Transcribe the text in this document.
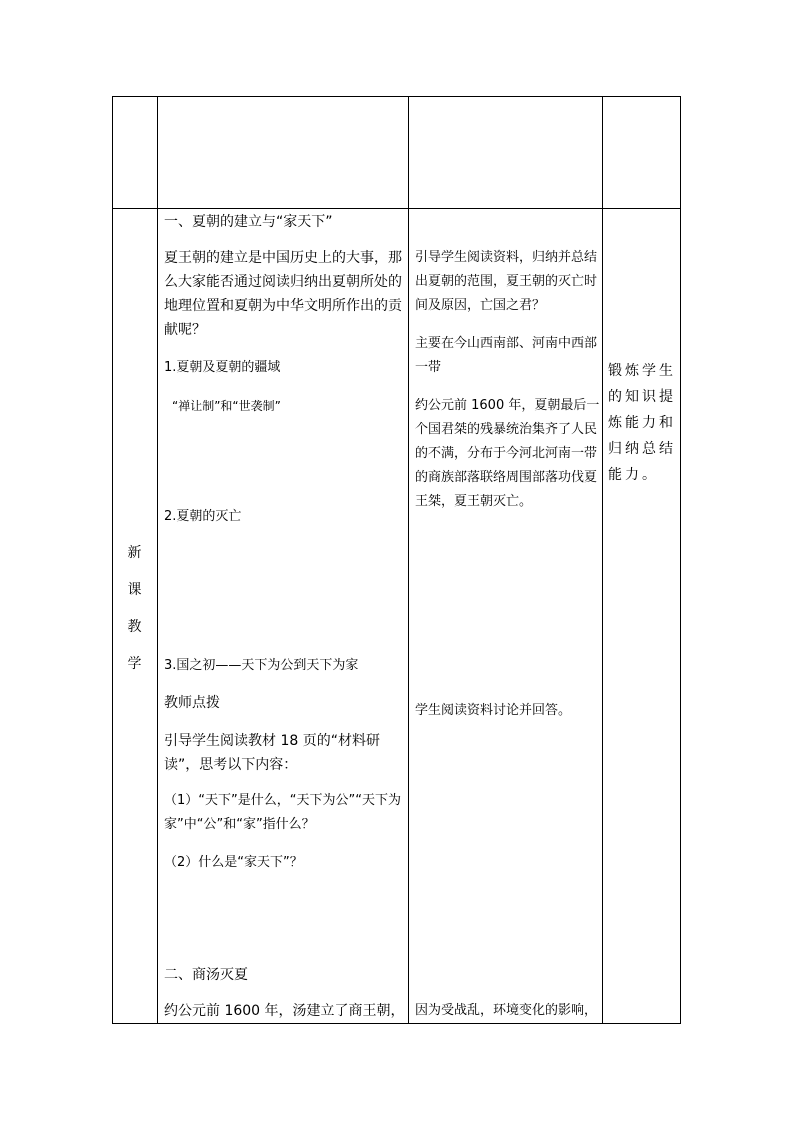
新
课
教
学
一、夏朝的建立与“家天下”
夏王朝的建立是中国历史上的大事，那么大家能否通过阅读归纳出夏朝所处的地理位置和夏朝为中华文明所作出的贡献呢？
1.夏朝及夏朝的疆域
“禅让制”和“世袭制”
2.夏朝的灭亡
3.国之初——天下为公到天下为家
教师点拨
引导学生阅读教材 18 页的“材料研读”，思考以下内容：
（1）“天下”是什么，“天下为公”“天下为家”中“公”和“家”指什么？
（2）什么是“家天下”？
二、商汤灭夏
约公元前 1600 年，汤建立了商王朝，
引导学生阅读资料，归纳并总结出夏朝的范围，夏王朝的灭亡时间及原因，亡国之君？
主要在今山西南部、河南中西部一带
约公元前 1600 年，夏朝最后一个国君桀的残暴统治集齐了人民的不满，分布于今河北河南一带的商族部落联络周围部落功伐夏王桀，夏王朝灭亡。
学生阅读资料讨论并回答。
因为受战乱，环境变化的影响，
锻炼学生的知识提炼能力和归纳总结能力。
